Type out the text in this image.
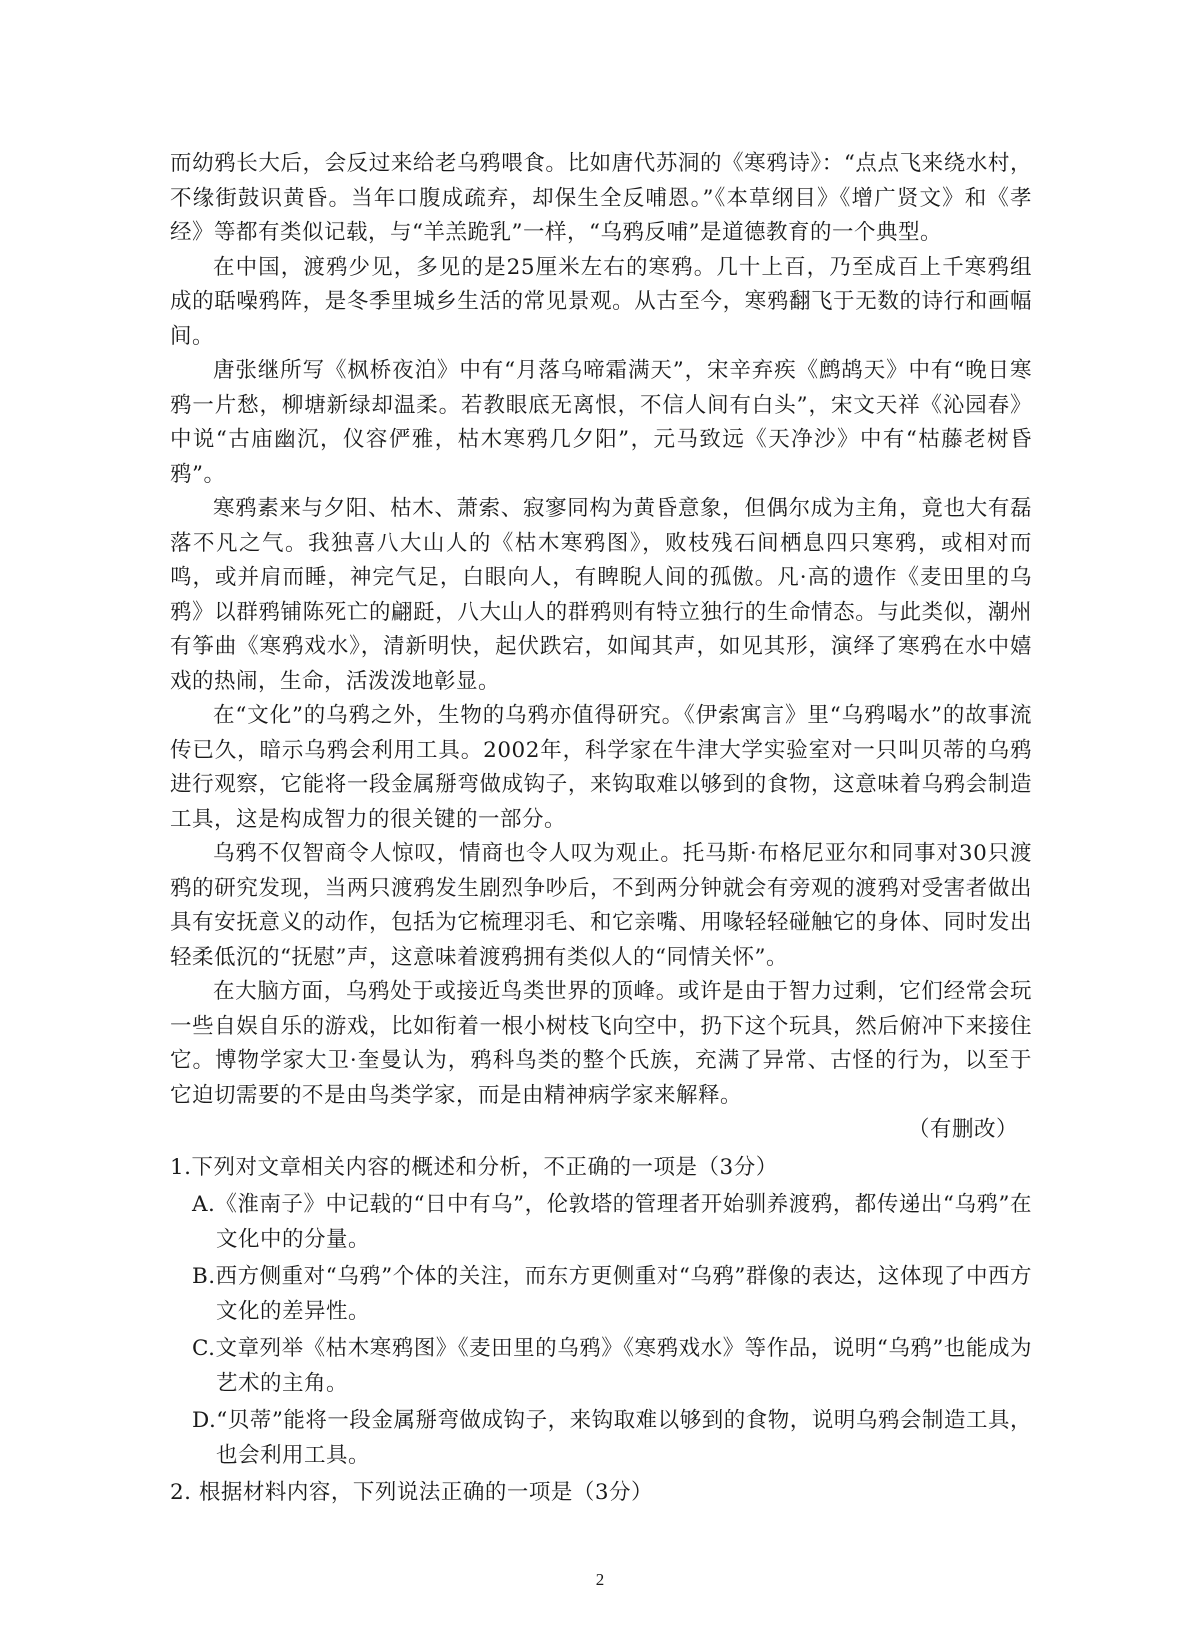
而幼鸦长大后，会反过来给老乌鸦喂食。比如唐代苏洞的《寒鸦诗》：“点点飞来绕水村，不缘街鼓识黄昏。当年口腹成疏弃，却保生全反哺恩。”《本草纲目》《增广贤文》和《孝经》等都有类似记载，与“羊羔跪乳”一样，“乌鸦反哺”是道德教育的一个典型。

在中国，渡鸦少见，多见的是25厘米左右的寒鸦。几十上百，乃至成百上千寒鸦组成的聒噪鸦阵，是冬季里城乡生活的常见景观。从古至今，寒鸦翻飞于无数的诗行和画幅间。

唐张继所写《枫桥夜泊》中有“月落乌啼霜满天”，宋辛弃疾《鹧鸪天》中有“晚日寒鸦一片愁，柳塘新绿却温柔。若教眼底无离恨，不信人间有白头”，宋文天祥《沁园春》中说“古庙幽沉，仪容俨雅，枯木寒鸦几夕阳”，元马致远《天净沙》中有“枯藤老树昏鸦”。

寒鸦素来与夕阳、枯木、萧索、寂寥同构为黄昏意象，但偶尔成为主角，竟也大有磊落不凡之气。我独喜八大山人的《枯木寒鸦图》，败枝残石间栖息四只寒鸦，或相对而鸣，或并肩而睡，神完气足，白眼向人，有睥睨人间的孤傲。凡·高的遗作《麦田里的乌鸦》以群鸦铺陈死亡的翩跹，八大山人的群鸦则有特立独行的生命情态。与此类似，潮州有筝曲《寒鸦戏水》，清新明快，起伏跌宕，如闻其声，如见其形，演绎了寒鸦在水中嬉戏的热闹，生命，活泼泼地彰显。

在“文化”的乌鸦之外，生物的乌鸦亦值得研究。《伊索寓言》里“乌鸦喝水”的故事流传已久，暗示乌鸦会利用工具。2002年，科学家在牛津大学实验室对一只叫贝蒂的乌鸦进行观察，它能将一段金属掰弯做成钩子，来钩取难以够到的食物，这意味着乌鸦会制造工具，这是构成智力的很关键的一部分。

乌鸦不仅智商令人惊叹，情商也令人叹为观止。托马斯·布格尼亚尔和同事对30只渡鸦的研究发现，当两只渡鸦发生剧烈争吵后，不到两分钟就会有旁观的渡鸦对受害者做出具有安抚意义的动作，包括为它梳理羽毛、和它亲嘴、用喙轻轻碰触它的身体、同时发出轻柔低沉的“抚慰”声，这意味着渡鸦拥有类似人的“同情关怀”。

在大脑方面，乌鸦处于或接近鸟类世界的顶峰。或许是由于智力过剩，它们经常会玩一些自娱自乐的游戏，比如衔着一根小树枝飞向空中，扔下这个玩具，然后俯冲下来接住它。博物学家大卫·奎曼认为，鸦科鸟类的整个氏族，充满了异常、古怪的行为，以至于它迫切需要的不是由鸟类学家，而是由精神病学家来解释。

（有删改）

1.下列对文章相关内容的概述和分析，不正确的一项是（3分）

A.《淮南子》中记载的“日中有乌”，伦敦塔的管理者开始驯养渡鸦，都传递出“乌鸦”在文化中的分量。

B.西方侧重对“乌鸦”个体的关注，而东方更侧重对“乌鸦”群像的表达，这体现了中西方文化的差异性。

C.文章列举《枯木寒鸦图》《麦田里的乌鸦》《寒鸦戏水》等作品，说明“乌鸦”也能成为艺术的主角。

D.“贝蒂”能将一段金属掰弯做成钩子，来钩取难以够到的食物，说明乌鸦会制造工具，也会利用工具。

2. 根据材料内容，下列说法正确的一项是（3分）

2
